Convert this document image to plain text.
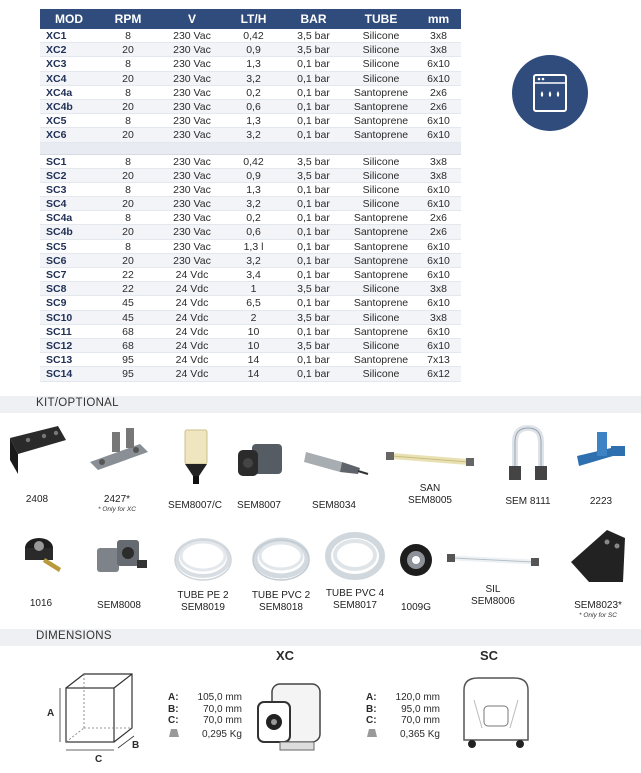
MOD	RPM	V	LT/H	BAR	TUBE	mm
XC1	8	230 Vac	0,42	3,5 bar	Silicone	3x8
XC2	20	230 Vac	0,9	3,5 bar	Silicone	3x8
XC3	8	230 Vac	1,3	0,1 bar	Silicone	6x10
XC4	20	230 Vac	3,2	0,1 bar	Silicone	6x10
XC4a	8	230 Vac	0,2	0,1 bar	Santoprene	2x6
XC4b	20	230 Vac	0,6	0,1 bar	Santoprene	2x6
XC5	8	230 Vac	1,3	0,1 bar	Santoprene	6x10
XC6	20	230 Vac	3,2	0,1 bar	Santoprene	6x10
SC1	8	230 Vac	0,42	3,5 bar	Silicone	3x8
SC2	20	230 Vac	0,9	3,5 bar	Silicone	3x8
SC3	8	230 Vac	1,3	0,1 bar	Silicone	6x10
SC4	20	230 Vac	3,2	0,1 bar	Silicone	6x10
SC4a	8	230 Vac	0,2	0,1 bar	Santoprene	2x6
SC4b	20	230 Vac	0,6	0,1 bar	Santoprene	2x6
SC5	8	230 Vac	1,3 l	0,1 bar	Santoprene	6x10
SC6	20	230 Vac	3,2	0,1 bar	Santoprene	6x10
SC7	22	24 Vdc	3,4	0,1 bar	Santoprene	6x10
SC8	22	24 Vdc	1	3,5 bar	Silicone	3x8
SC9	45	24 Vdc	6,5	0,1 bar	Santoprene	6x10
SC10	45	24 Vdc	2	3,5 bar	Silicone	3x8
SC11	68	24 Vdc	10	0,1 bar	Santoprene	6x10
SC12	68	24 Vdc	10	3,5 bar	Silicone	6x10
SC13	95	24 Vdc	14	0,1 bar	Santoprene	7x13
SC14	95	24 Vdc	14	0,1 bar	Silicone	6x12
KIT/OPTIONAL
2408	2427*
* Only for XC	SEM8007/C	SEM8007	SEM8034
SAN
SEM8005	SEM 8111	2223
1016	SEM8008
TUBE PE 2
SEM8019
TUBE PVC 2
SEM8018
TUBE PVC 4
SEM8017	1009G
SIL
SEM8006	SEM8023*
* Only for SC
DIMENSIONS
A
B
C
XC
A: 105,0 mm
B: 70,0 mm
C: 70,0 mm
0,295 Kg
SC
A: 120,0 mm
B: 95,0 mm
C: 70,0 mm
0,365 Kg
